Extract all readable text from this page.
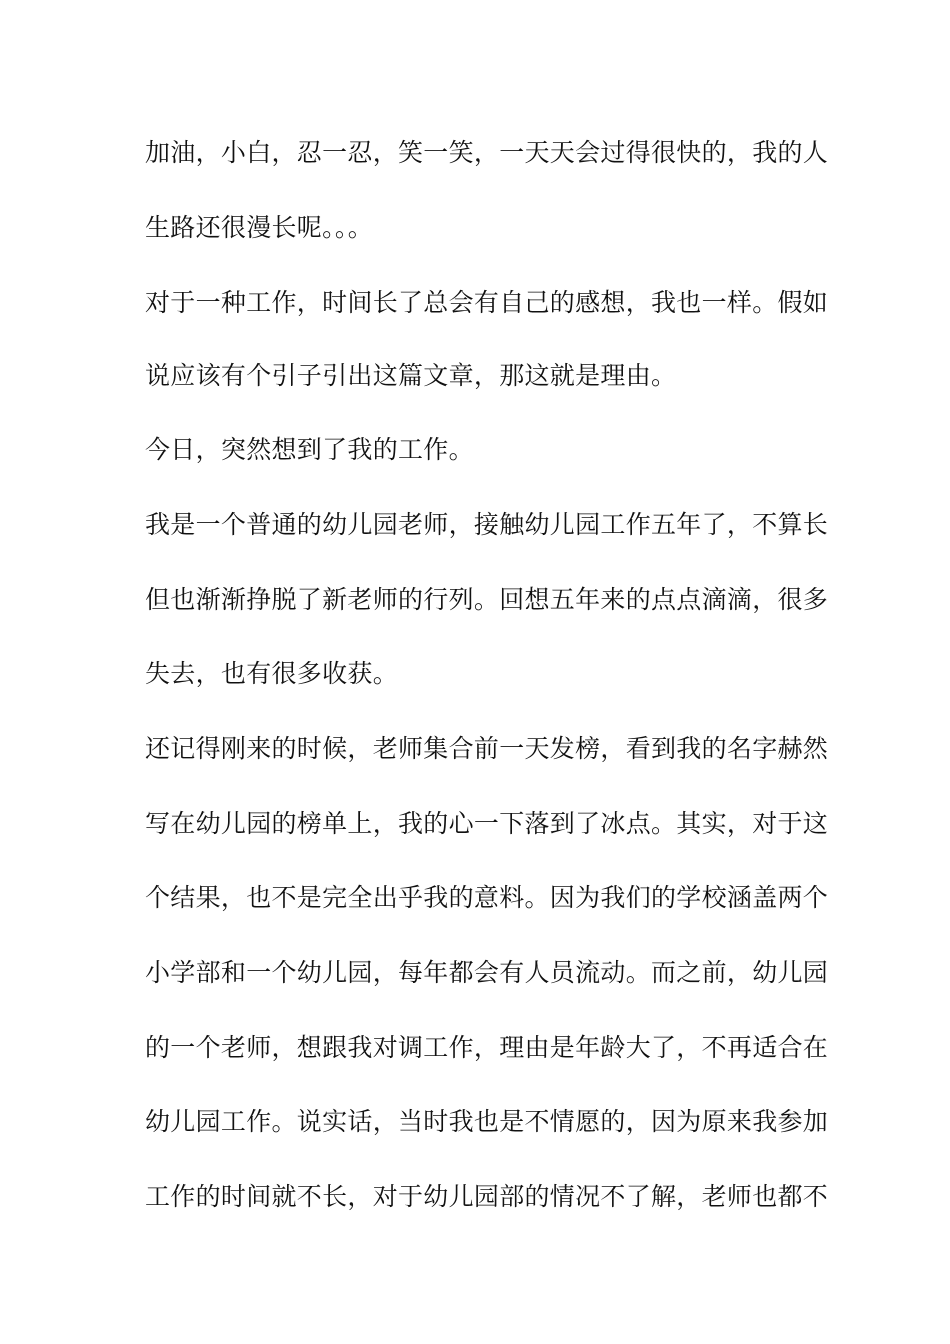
加油，小白，忍一忍，笑一笑，一天天会过得很快的，我的人
生路还很漫长呢。。。
对于一种工作，时间长了总会有自己的感想，我也一样。假如
说应该有个引子引出这篇文章，那这就是理由。
今日，突然想到了我的工作。
我是一个普通的幼儿园老师，接触幼儿园工作五年了，不算长
但也渐渐挣脱了新老师的行列。回想五年来的点点滴滴，很多
失去，也有很多收获。
还记得刚来的时候，老师集合前一天发榜，看到我的名字赫然
写在幼儿园的榜单上，我的心一下落到了冰点。其实，对于这
个结果，也不是完全出乎我的意料。因为我们的学校涵盖两个
小学部和一个幼儿园，每年都会有人员流动。而之前，幼儿园
的一个老师，想跟我对调工作，理由是年龄大了，不再适合在
幼儿园工作。说实话，当时我也是不情愿的，因为原来我参加
工作的时间就不长，对于幼儿园部的情况不了解，老师也都不
